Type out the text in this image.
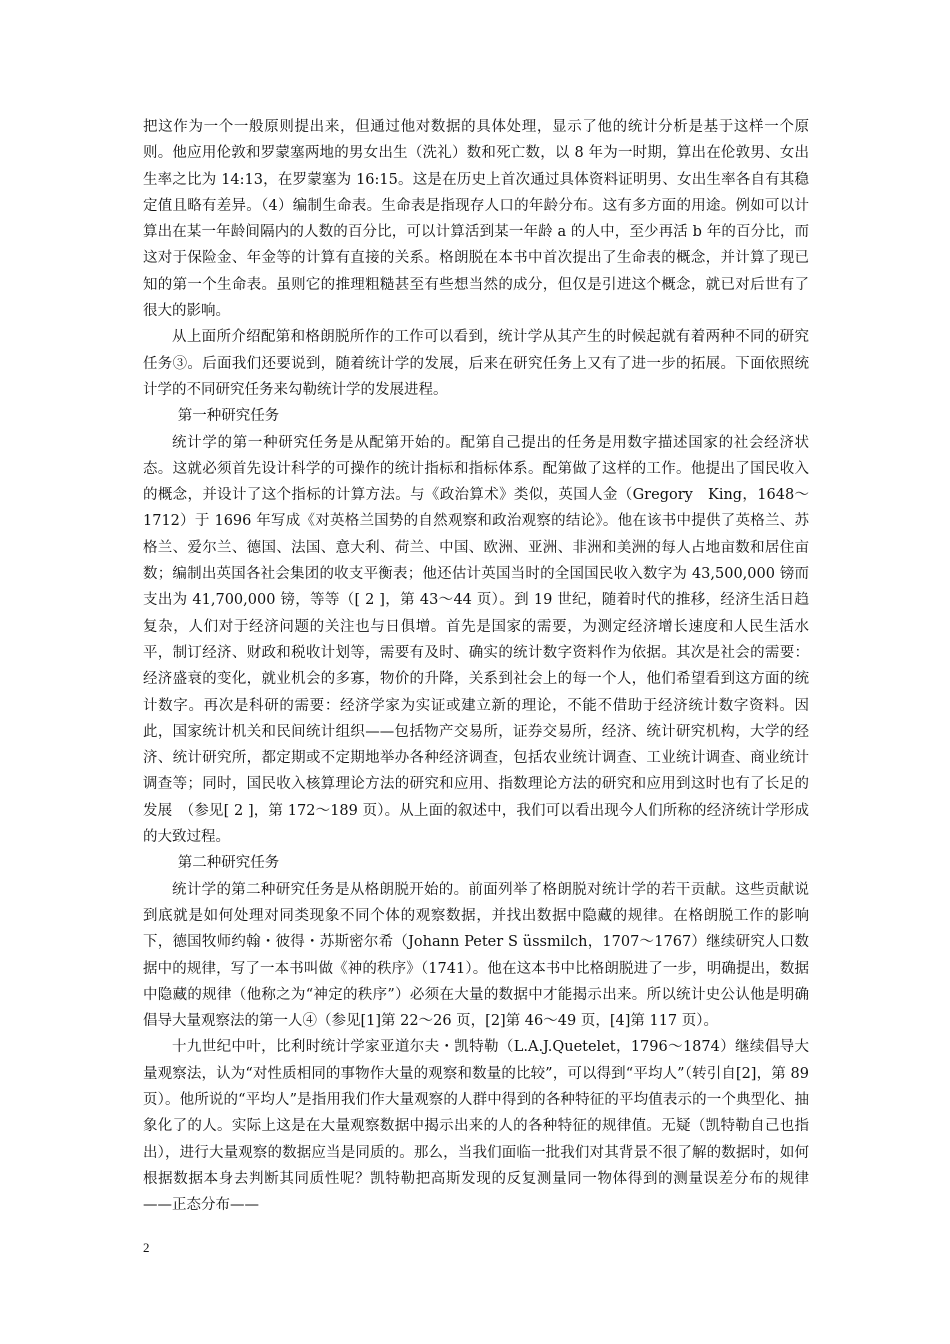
把这作为一个一般原则提出来，但通过他对数据的具体处理，显示了他的统计分析是基于这样一个原则。他应用伦敦和罗蒙塞两地的男女出生（洗礼）数和死亡数，以 8 年为一时期，算出在伦敦男、女出生率之比为 14:13，在罗蒙塞为 16:15。这是在历史上首次通过具体资料证明男、女出生率各自有其稳定值且略有差异。（4）编制生命表。生命表是指现存人口的年龄分布。这有多方面的用途。例如可以计算出在某一年龄间隔内的人数的百分比，可以计算活到某一年龄 a 的人中，至少再活 b 年的百分比，而这对于保险金、年金等的计算有直接的关系。格朗脱在本书中首次提出了生命表的概念，并计算了现已知的第一个生命表。虽则它的推理粗糙甚至有些想当然的成分，但仅是引进这个概念，就已对后世有了很大的影响。

从上面所介绍配第和格朗脱所作的工作可以看到，统计学从其产生的时候起就有着两种不同的研究任务③。后面我们还要说到，随着统计学的发展，后来在研究任务上又有了进一步的拓展。下面依照统计学的不同研究任务来勾勒统计学的发展进程。

第一种研究任务

统计学的第一种研究任务是从配第开始的。配第自己提出的任务是用数字描述国家的社会经济状态。这就必须首先设计科学的可操作的统计指标和指标体系。配第做了这样的工作。他提出了国民收入的概念，并设计了这个指标的计算方法。与《政治算术》类似，英国人金（Gregory　King，1648～1712）于 1696 年写成《对英格兰国势的自然观察和政治观察的结论》。他在该书中提供了英格兰、苏格兰、爱尔兰、德国、法国、意大利、荷兰、中国、欧洲、亚洲、非洲和美洲的每人占地亩数和居住亩数；编制出英国各社会集团的收支平衡表；他还估计英国当时的全国国民收入数字为 43,500,000 镑而支出为 41,700,000 镑，等等（[ 2 ]，第 43～44 页）。到 19 世纪，随着时代的推移，经济生活日趋复杂，人们对于经济问题的关注也与日俱增。首先是国家的需要，为测定经济增长速度和人民生活水平，制订经济、财政和税收计划等，需要有及时、确实的统计数字资料作为依据。其次是社会的需要：经济盛衰的变化，就业机会的多寡，物价的升降，关系到社会上的每一个人，他们希望看到这方面的统计数字。再次是科研的需要：经济学家为实证或建立新的理论，不能不借助于经济统计数字资料。因此，国家统计机关和民间统计组织——包括物产交易所，证券交易所，经济、统计研究机构，大学的经济、统计研究所，都定期或不定期地举办各种经济调查，包括农业统计调查、工业统计调查、商业统计调查等；同时，国民收入核算理论方法的研究和应用、指数理论方法的研究和应用到这时也有了长足的发展　（参见[ 2 ]，第 172～189 页）。从上面的叙述中，我们可以看出现今人们所称的经济统计学形成的大致过程。

第二种研究任务

统计学的第二种研究任务是从格朗脱开始的。前面列举了格朗脱对统计学的若干贡献。这些贡献说到底就是如何处理对同类现象不同个体的观察数据，并找出数据中隐藏的规律。在格朗脱工作的影响下，德国牧师约翰・彼得・苏斯密尔希（Johann Peter S üssmilch，1707～1767）继续研究人口数据中的规律，写了一本书叫做《神的秩序》（1741）。他在这本书中比格朗脱进了一步，明确提出，数据中隐藏的规律（他称之为“神定的秩序”）必须在大量的数据中才能揭示出来。所以统计史公认他是明确倡导大量观察法的第一人④（参见[1]第 22～26 页，[2]第 46～49 页，[4]第 117 页）。

十九世纪中叶，比利时统计学家亚道尔夫・凯特勒（L.A.J.Quetelet，1796～1874）继续倡导大量观察法，认为“对性质相同的事物作大量的观察和数量的比较”，可以得到“平均人”（转引自[2]，第 89 页）。他所说的“平均人”是指用我们作大量观察的人群中得到的各种特征的平均值表示的一个典型化、抽象化了的人。实际上这是在大量观察数据中揭示出来的人的各种特征的规律值。无疑（凯特勒自己也指出），进行大量观察的数据应当是同质的。那么，当我们面临一批我们对其背景不很了解的数据时，如何根据数据本身去判断其同质性呢？凯特勒把高斯发现的反复测量同一物体得到的测量误差分布的规律——正态分布——

2
